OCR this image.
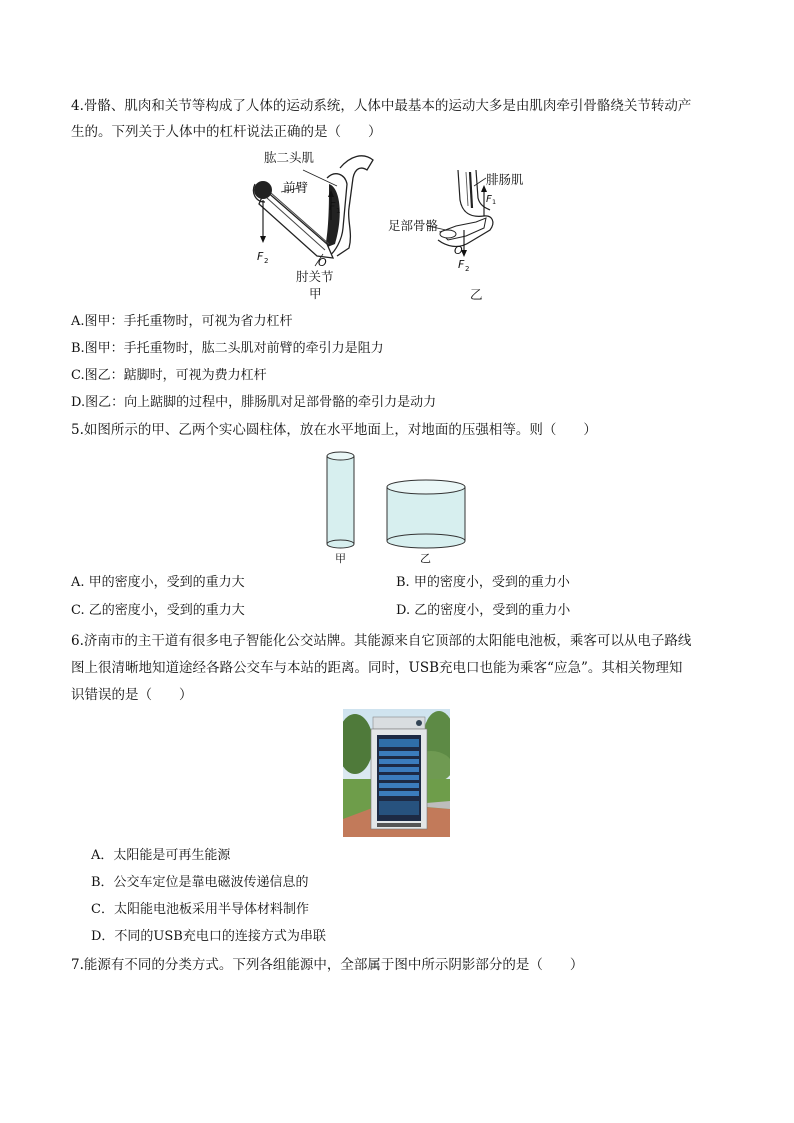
4.骨骼、肌肉和关节等构成了人体的运动系统，人体中最基本的运动大多是由肌肉牵引骨骼绕关节转动产
生的。下列关于人体中的杠杆说法正确的是（　　）
肱二头肌
前臂
F 1
F 2	O
肘关节
甲
腓肠肌
F 1
足部骨骼
O
F 2
乙
A.图甲：手托重物时，可视为省力杠杆
B.图甲：手托重物时，肱二头肌对前臂的牵引力是阻力
C.图乙：踮脚时，可视为费力杠杆
D.图乙：向上踮脚的过程中，腓肠肌对足部骨骼的牵引力是动力
5.如图所示的甲、乙两个实心圆柱体，放在水平地面上，对地面的压强相等。则（　　）
甲	乙
A. 甲的密度小，受到的重力大	B. 甲的密度小，受到的重力小
C. 乙的密度小，受到的重力大	D. 乙的密度小，受到的重力小
6.济南市的主干道有很多电子智能化公交站牌。其能源来自它顶部的太阳能电池板，乘客可以从电子路线
图上很清晰地知道途经各路公交车与本站的距离。同时，USB充电口也能为乘客“应急”。其相关物理知
识错误的是（　　）
A．太阳能是可再生能源
B．公交车定位是靠电磁波传递信息的
C．太阳能电池板采用半导体材料制作
D．不同的USB充电口的连接方式为串联
7.能源有不同的分类方式。下列各组能源中，全部属于图中所示阴影部分的是（　　）
